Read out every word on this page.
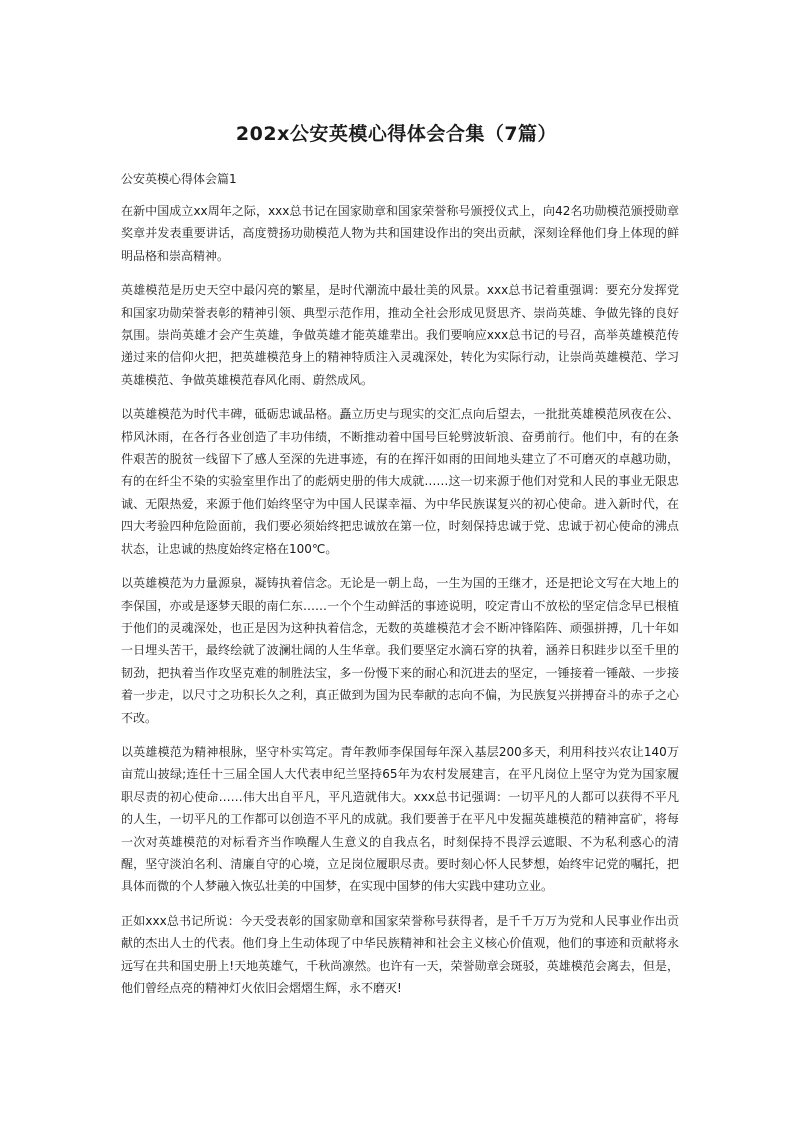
202x公安英模心得体会合集（7篇）
公安英模心得体会篇1

在新中国成立xx周年之际，xxx总书记在国家勋章和国家荣誉称号颁授仪式上，向42名功勋模范颁授勋章奖章并发表重要讲话，高度赞扬功勋模范人物为共和国建设作出的突出贡献，深刻诠释他们身上体现的鲜明品格和崇高精神。

英雄模范是历史天空中最闪亮的繁星，是时代潮流中最壮美的风景。xxx总书记着重强调：要充分发挥党和国家功勋荣誉表彰的精神引领、典型示范作用，推动全社会形成见贤思齐、崇尚英雄、争做先锋的良好氛围。崇尚英雄才会产生英雄，争做英雄才能英雄辈出。我们要响应xxx总书记的号召，高举英雄模范传递过来的信仰火把，把英雄模范身上的精神特质注入灵魂深处，转化为实际行动，让崇尚英雄模范、学习英雄模范、争做英雄模范春风化雨、蔚然成风。

以英雄模范为时代丰碑，砥砺忠诚品格。矗立历史与现实的交汇点向后望去，一批批英雄模范夙夜在公、栉风沐雨，在各行各业创造了丰功伟绩，不断推动着中国号巨轮劈波斩浪、奋勇前行。他们中，有的在条件艰苦的脱贫一线留下了感人至深的先进事迹，有的在挥汗如雨的田间地头建立了不可磨灭的卓越功勋，有的在纤尘不染的实验室里作出了的彪炳史册的伟大成就……这一切来源于他们对党和人民的事业无限忠诚、无限热爱，来源于他们始终坚守为中国人民谋幸福、为中华民族谋复兴的初心使命。进入新时代，在四大考验四种危险面前，我们要必须始终把忠诚放在第一位，时刻保持忠诚于党、忠诚于初心使命的沸点状态，让忠诚的热度始终定格在100℃。

以英雄模范为力量源泉，凝铸执着信念。无论是一朝上岛，一生为国的王继才，还是把论文写在大地上的李保国，亦或是逐梦天眼的南仁东……一个个生动鲜活的事迹说明，咬定青山不放松的坚定信念早已根植于他们的灵魂深处，也正是因为这种执着信念，无数的英雄模范才会不断冲锋陷阵、顽强拼搏，几十年如一日埋头苦干，最终绘就了波澜壮阔的人生华章。我们要坚定水滴石穿的执着，涵养日积跬步以至千里的韧劲，把执着当作攻坚克难的制胜法宝，多一份慢下来的耐心和沉进去的坚定，一锤接着一锤敲、一步接着一步走，以尺寸之功积长久之利，真正做到为国为民奉献的志向不偏，为民族复兴拼搏奋斗的赤子之心不改。

以英雄模范为精神根脉，坚守朴实笃定。青年教师李保国每年深入基层200多天，利用科技兴农让140万亩荒山披绿;连任十三届全国人大代表申纪兰坚持65年为农村发展建言，在平凡岗位上坚守为党为国家履职尽责的初心使命……伟大出自平凡，平凡造就伟大。xxx总书记强调：一切平凡的人都可以获得不平凡的人生，一切平凡的工作都可以创造不平凡的成就。我们要善于在平凡中发掘英雄模范的精神富矿，将每一次对英雄模范的对标看齐当作唤醒人生意义的自我点名，时刻保持不畏浮云遮眼、不为私利惑心的清醒，坚守淡泊名利、清廉自守的心境，立足岗位履职尽责。要时刻心怀人民梦想，始终牢记党的嘱托，把具体而微的个人梦融入恢弘壮美的中国梦，在实现中国梦的伟大实践中建功立业。

正如xxx总书记所说：今天受表彰的国家勋章和国家荣誉称号获得者，是千千万万为党和人民事业作出贡献的杰出人士的代表。他们身上生动体现了中华民族精神和社会主义核心价值观，他们的事迹和贡献将永远写在共和国史册上!天地英雄气，千秋尚凛然。也许有一天，荣誉勋章会斑驳，英雄模范会离去，但是，他们曾经点亮的精神灯火依旧会熠熠生辉，永不磨灭!
